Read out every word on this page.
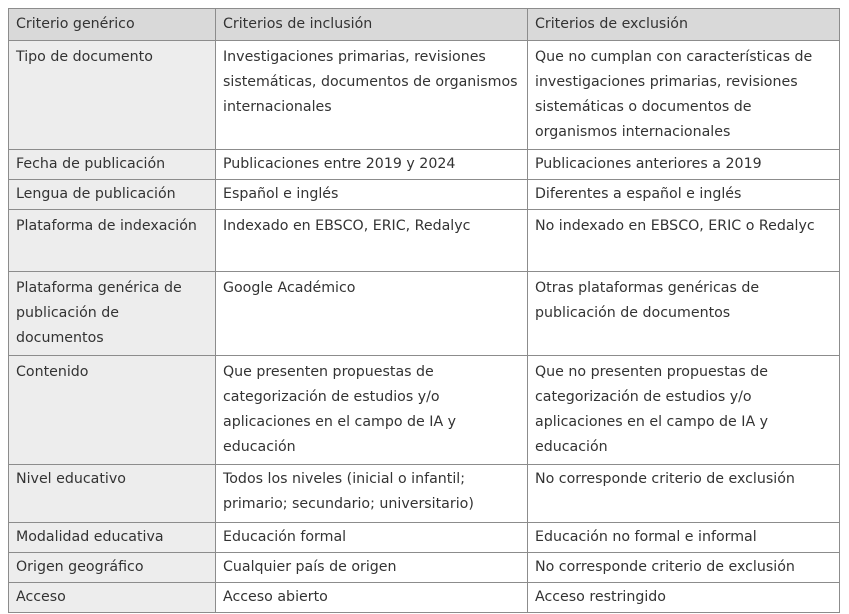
Criterio genérico	Criterios de inclusión	Criterios de exclusión
Tipo de documento	Investigaciones primarias, revisiones sistemáticas, documentos de organismos internacionales	Que no cumplan con características de investigaciones primarias, revisiones sistemáticas o documentos de organismos internacionales
Fecha de publicación	Publicaciones entre 2019 y 2024	Publicaciones anteriores a 2019
Lengua de publicación	Español e inglés	Diferentes a español e inglés
Plataforma de indexación	Indexado en EBSCO, ERIC, Redalyc	No indexado en EBSCO, ERIC o Redalyc
Plataforma genérica de publicación de documentos	Google Académico	Otras plataformas genéricas de publicación de documentos
Contenido	Que presenten propuestas de categorización de estudios y/o aplicaciones en el campo de IA y educación	Que no presenten propuestas de categorización de estudios y/o aplicaciones en el campo de IA y educación
Nivel educativo	Todos los niveles (inicial o infantil; primario; secundario; universitario)	No corresponde criterio de exclusión
Modalidad educativa	Educación formal	Educación no formal e informal
Origen geográfico	Cualquier país de origen	No corresponde criterio de exclusión
Acceso	Acceso abierto	Acceso restringido
